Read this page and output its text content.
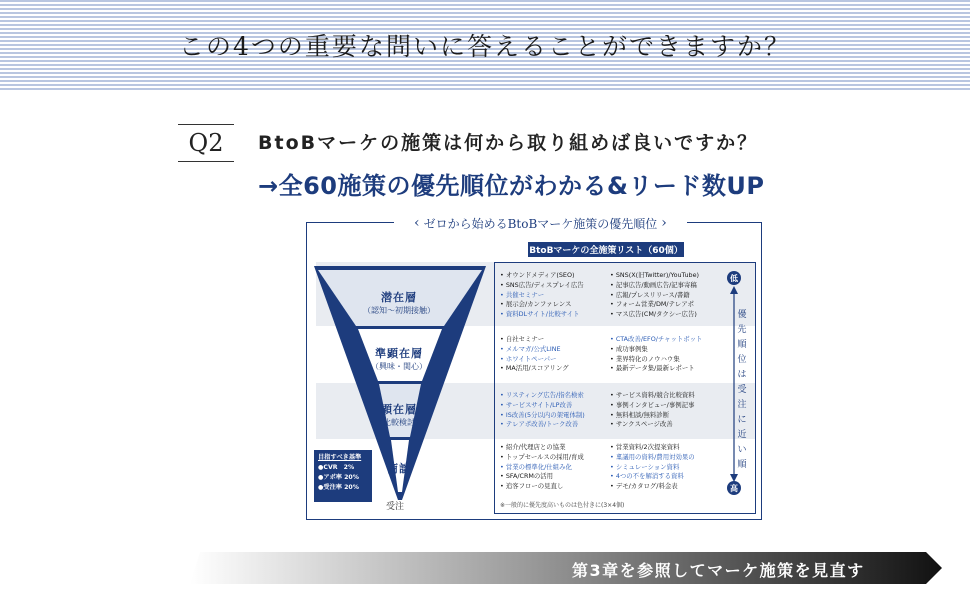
この4つの重要な問いに答えることができますか？
Q2	BtoBマーケの施策は何から取り組めば良いですか？
→全60施策の優先順位がわかる&リード数UP
‹ ゼロから始めるBtoBマーケ施策の優先順位 ›
BtoBマーケの全施策リスト（60個）
潜在層
（認知〜初期接触）
準顕在層
（興味・関心）
顕在層
（比較検討）
商談
受注
目指すべき基準
●CVR　2%
●アポ率 20%
●受注率 20%
• オウンドメディア(SEO)
• SNS広告/ディスプレイ広告
• 共催セミナー
• 展示会/カンファレンス
• 資料DLサイト/比較サイト
• SNS(X(旧Twitter)/YouTube)
• 記事広告/動画広告/記事寄稿
• 広報/プレスリリース/書籍
• フォーム営業/DM/テレアポ
• マス広告(CM/タクシー広告)
• 自社セミナー
• メルマガ/公式LINE
• ホワイトペーパー
• MA活用/スコアリング
• CTA改善/EFO/チャットボット
• 成功事例集
• 業界特化のノウハウ集
• 最新データ集/最新レポート
• リスティング広告/指名検索
• サービスサイト/LP改善
• IS改善(5分以内の架電体制)
• テレアポ改善/トーク改善
• サービス資料/競合比較資料
• 事例インタビュー/事例記事
• 無料相談/無料診断
• サンクスページ改善
• 紹介/代理店との協業
• トップセールスの採用/育成
• 営業の標準化/仕組み化
• SFA/CRMの活用
• 追客フローの見直し
• 営業資料/2次提案資料
• 稟議用の資料/費用対効果の
• シミュレーション資料
• 4つの不を解消する資料
• デモ/カタログ/料金表
低
優先順位は受注に近い順
高
※一般的に優先度高いものは色付きに(3×4個)
第3章を参照してマーケ施策を見直す
